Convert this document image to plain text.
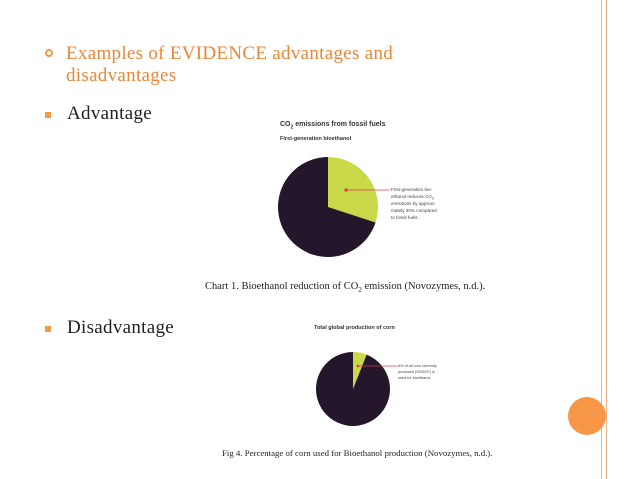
Examples of EVIDENCE advantages and
disadvantages
Advantage
Disadvantage
$CO_2$ emissions from fossil fuels
First-generation bioethanol
First-generation bio-
ethanol reduces $CO_2$
emissions by approxi-
mately 30% compared
to fossil fuels.
Chart 1. Bioethanol reduction of $CO_2$ emission (Novozymes, n.d.).
Total global production of corn
6% of all corn currently
produced (2006/07) is
used for bioethanol.
Fig 4. Percentage of corn used for Bioethanol production (Novozymes, n.d.).
